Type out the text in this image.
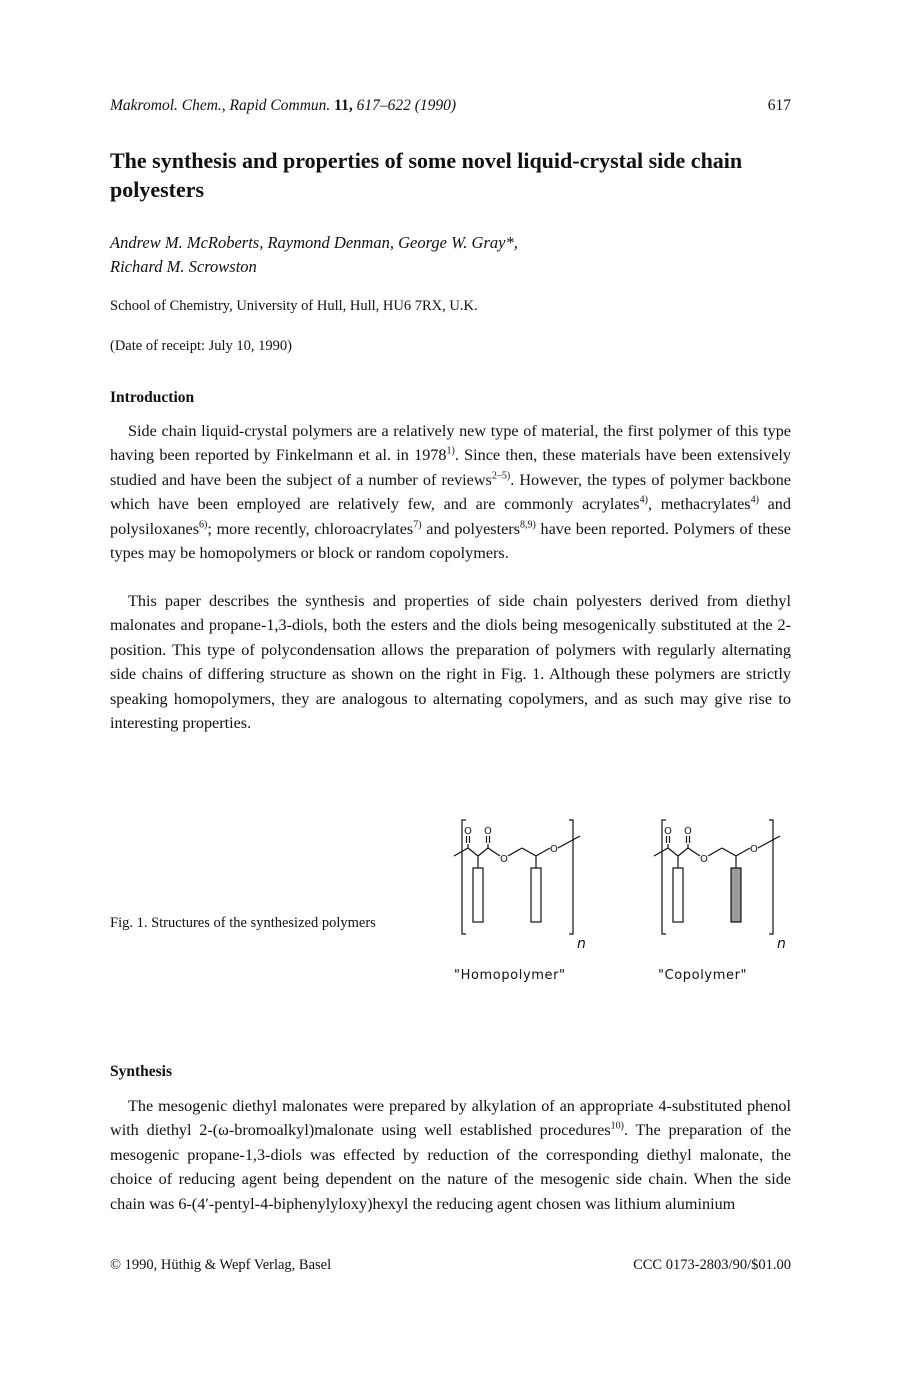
Makromol. Chem., Rapid Commun. 11, 617–622 (1990)	617
The synthesis and properties of some novel liquid-crystal side chain polyesters
Andrew M. McRoberts, Raymond Denman, George W. Gray*,
Richard M. Scrowston
School of Chemistry, University of Hull, Hull, HU6 7RX, U.K.
(Date of receipt: July 10, 1990)
Introduction
Side chain liquid-crystal polymers are a relatively new type of material, the first polymer of this type having been reported by Finkelmann et al. in 1978$^{1)}$. Since then, these materials have been extensively studied and have been the subject of a number of reviews$^{2-5)}$. However, the types of polymer backbone which have been employed are relatively few, and are commonly acrylates$^{4)}$, methacrylates$^{4)}$ and polysiloxanes$^{6)}$; more recently, chloroacrylates$^{7)}$ and polyesters$^{8,9)}$ have been reported. Polymers of these types may be homopolymers or block or random copolymers.
This paper describes the synthesis and properties of side chain polyesters derived from diethyl malonates and propane-1,3-diols, both the esters and the diols being mesogenically substituted at the 2-position. This type of polycondensation allows the preparation of polymers with regularly alternating side chains of differing structure as shown on the right in Fig. 1. Although these polymers are strictly speaking homopolymers, they are analogous to alternating copolymers, and as such may give rise to interesting properties.
Fig. 1. Structures of the synthesized polymers
O O
O
O
O O
O
O
n	n
"Homopolymer"	"Copolymer"
Synthesis
The mesogenic diethyl malonates were prepared by alkylation of an appropriate 4-substituted phenol with diethyl 2-(ω-bromoalkyl)malonate using well established procedures$^{10)}$. The preparation of the mesogenic propane-1,3-diols was effected by reduction of the corresponding diethyl malonate, the choice of reducing agent being dependent on the nature of the mesogenic side chain. When the side chain was 6-(4′-pentyl-4-biphenylyloxy)hexyl the reducing agent chosen was lithium aluminium
© 1990, Hüthig & Wepf Verlag, Basel	CCC 0173-2803/90/$01.00
